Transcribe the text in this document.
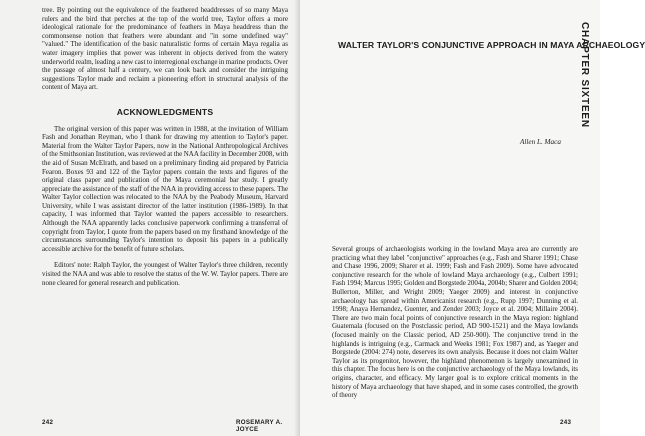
tree. By pointing out the equivalence of the feathered headdresses of so many Maya rulers and the bird that perches at the top of the world tree, Taylor offers a more ideological rationale for the predominance of feathers in Maya headdress than the commonsense notion that feathers were abundant and "in some undefined way" "valued." The identification of the basic naturalistic forms of certain Maya regalia as water imagery implies that power was inherent in objects derived from the watery underworld realm, leading a new cast to interregional exchange in marine products. Over the passage of almost half a century, we can look back and consider the intriguing suggestions Taylor made and reclaim a pioneering effort in structural analysis of the content of Maya art.

ACKNOWLEDGMENTS

The original version of this paper was written in 1988, at the invitation of William Fash and Jonathan Reyman, who I thank for drawing my attention to Taylor's paper. Material from the Walter Taylor Papers, now in the National Anthropological Archives of the Smithsonian Institution, was reviewed at the NAA facility in December 2008, with the aid of Susan McElrath, and based on a preliminary finding aid prepared by Patricia Fearon. Boxes 93 and 122 of the Taylor papers contain the texts and figures of the original class paper and publication of the Maya ceremonial bar study. I greatly appreciate the assistance of the staff of the NAA in providing access to these papers. The Walter Taylor collection was relocated to the NAA by the Peabody Museum, Harvard University, while I was assistant director of the latter institution (1986-1989). In that capacity, I was informed that Taylor wanted the papers accessible to researchers. Although the NAA apparently lacks conclusive paperwork confirming a transferral of copyright from Taylor, I quote from the papers based on my firsthand knowledge of the circumstances surrounding Taylor's intention to deposit his papers in a publically accessible archive for the benefit of future scholars.

Editors' note: Ralph Taylor, the youngest of Walter Taylor's three children, recently visited the NAA and was able to resolve the status of the W. W. Taylor papers. There are none cleared for general research and publication.

242	ROSEMARY A. JOYCE
CHAPTER SIXTEEN
WALTER TAYLOR'S CONJUNCTIVE APPROACH IN MAYA ARCHAEOLOGY
Allen L. Maca

Several groups of archaeologists working in the lowland Maya area are currently are practicing what they label "conjunctive" approaches (e.g., Fash and Sharer 1991; Chase and Chase 1996, 2009; Sharer et al. 1999; Fash and Fash 2009). Some have advocated conjunctive research for the whole of lowland Maya archaeology (e.g., Culbert 1991; Fash 1994; Marcus 1995; Golden and Borgstede 2004a, 2004b; Sharer and Golden 2004; Bullerton, Miller, and Wright 2009; Yaeger 2009) and interest in conjunctive archaeology has spread within Americanist research (e.g., Rupp 1997; Dunning et al. 1998; Anaya Hernandez, Guenter, and Zender 2003; Joyce et al. 2004; Millaire 2004). There are two main focal points of conjunctive research in the Maya region: highland Guatemala (focused on the Postclassic period, AD 900-1521) and the Maya lowlands (focused mainly on the Classic period, AD 250-900). The conjunctive trend in the highlands is intriguing (e.g., Carmack and Weeks 1981; Fox 1987) and, as Yaeger and Borgstede (2004: 274) note, deserves its own analysis. Because it does not claim Walter Taylor as its progenitor, however, the highland phenomenon is largely unexamined in this chapter. The focus here is on the conjunctive archaeology of the Maya lowlands, its origins, character, and efficacy. My larger goal is to explore critical moments in the history of Maya archaeology that have shaped, and in some cases controlled, the growth of theory

243
